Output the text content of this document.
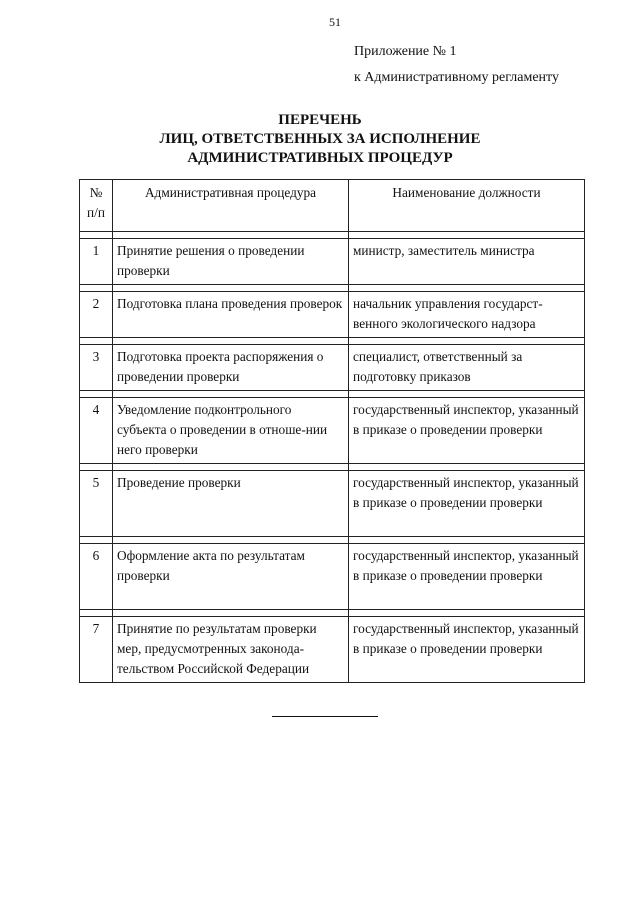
51
Приложение № 1
к Административному регламенту
ПЕРЕЧЕНЬ
ЛИЦ, ОТВЕТСТВЕННЫХ ЗА ИСПОЛНЕНИЕ
АДМИНИСТРАТИВНЫХ ПРОЦЕДУР
№ п/п	Административная процедура	Наименование должности

1	Принятие решения о проведении проверки	министр, заместитель министра

2	Подготовка плана проведения проверок	начальник управления государст-венного экологического надзора

3	Подготовка проекта распоряжения о проведении проверки	специалист, ответственный за подготовку приказов

4	Уведомление подконтрольного субъекта о проведении в отноше-нии него проверки	государственный инспектор, указанный в приказе о проведении проверки

5	Проведение проверки	государственный инспектор, указанный в приказе о проведении проверки

6	Оформление акта по результатам проверки	государственный инспектор, указанный в приказе о проведении проверки

7	Принятие по результатам проверки мер, предусмотренных законода-тельством Российской Федерации	государственный инспектор, указанный в приказе о проведении проверки
